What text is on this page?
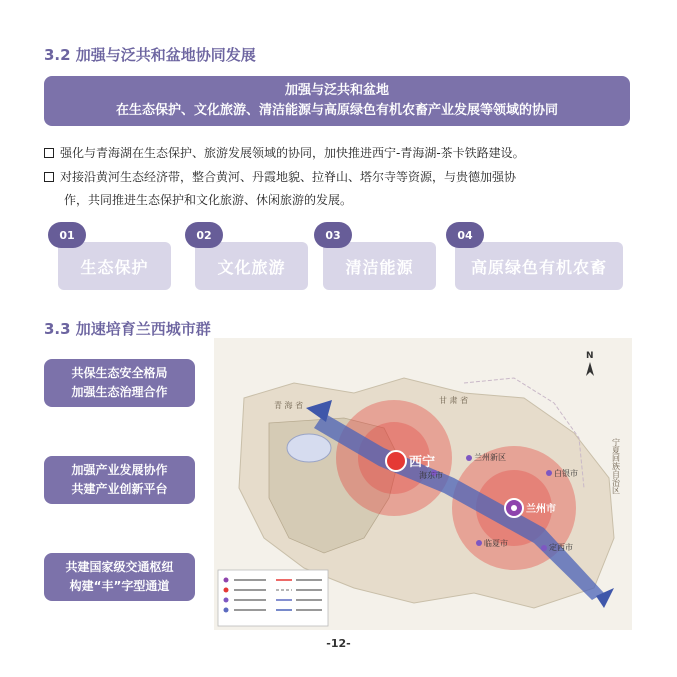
3.2 加强与泛共和盆地协同发展
加强与泛共和盆地
在生态保护、文化旅游、清洁能源与高原绿色有机农畜产业发展等领域的协同
强化与青海湖在生态保护、旅游发展领域的协同，加快推进西宁-青海湖-茶卡铁路建设。
对接沿黄河生态经济带，整合黄河、丹霞地貌、拉脊山、塔尔寺等资源，与贵德加强协
作，共同推进生态保护和文化旅游、休闲旅游的发展。
生态保护
01
文化旅游
02
清洁能源
03
高原绿色有机农畜
04
3.3 加速培育兰西城市群
共保生态安全格局
加强生态治理合作
加强产业发展协作
共建产业创新平台
共建国家级交通枢纽
构建“丰”字型通道
西宁
兰州市
兰州新区
海东市	白银市
定西市
临夏市
青 海 省
甘 肃 省
宁夏回族自治区
N
-12-
